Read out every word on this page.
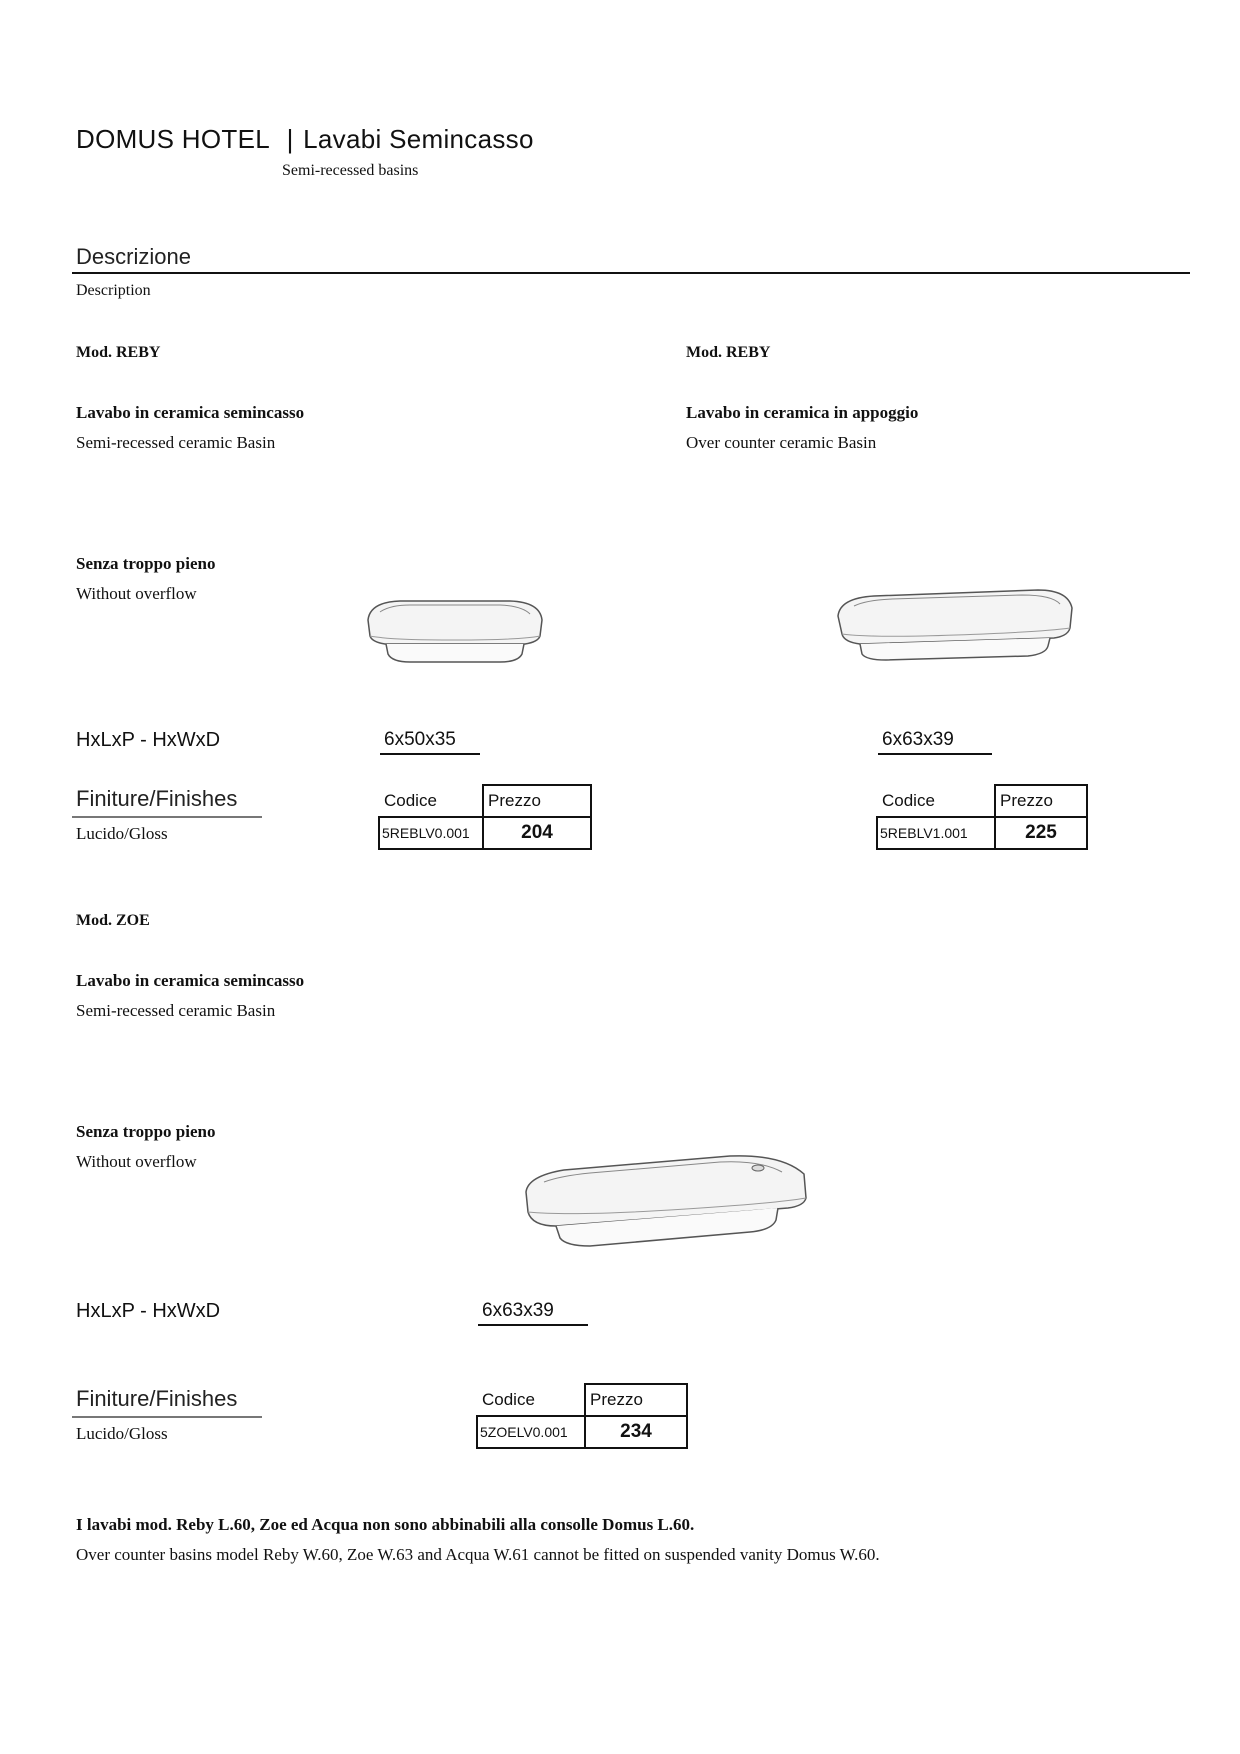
DOMUS HOTEL | Lavabi Semincasso
Semi-recessed basins
Descrizione
Description
Mod. REBY
Lavabo in ceramica semincasso
Semi-recessed ceramic Basin
Senza troppo pieno
Without overflow
HxLxP - HxWxD	6x50x35
Finiture/Finishes
Lucido/Gloss
Codice	Prezzo
5REBLV0.001	204
Mod. REBY
Lavabo in ceramica in appoggio
Over counter ceramic Basin
6x63x39
Codice	Prezzo
5REBLV1.001	225
Mod. ZOE
Lavabo in ceramica semincasso
Semi-recessed ceramic Basin
Senza troppo pieno
Without overflow
HxLxP - HxWxD	6x63x39
Finiture/Finishes
Lucido/Gloss
Codice	Prezzo
5ZOELV0.001	234
I lavabi mod. Reby L.60, Zoe ed Acqua non sono abbinabili alla consolle Domus L.60.
Over counter basins model Reby W.60, Zoe W.63 and Acqua W.61 cannot be fitted on suspended vanity Domus W.60.
